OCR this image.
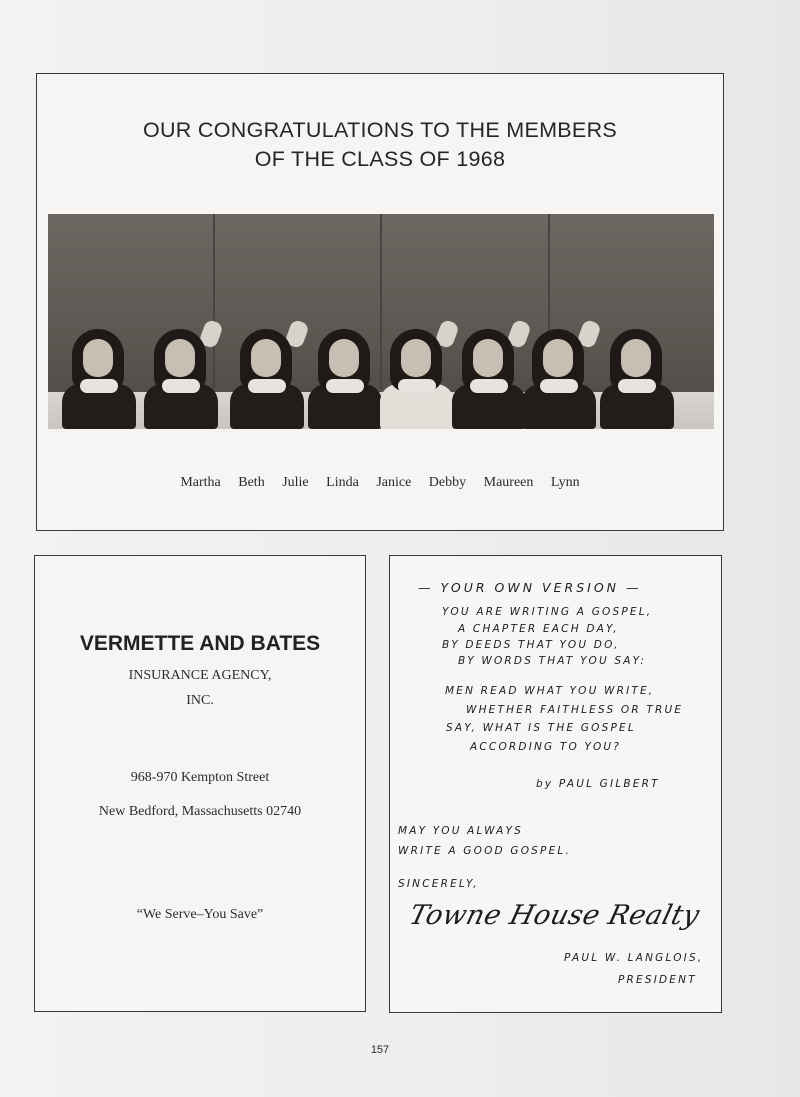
OUR CONGRATULATIONS TO THE MEMBERS
OF THE CLASS OF 1968
Martha Beth Julie Linda Janice Debby Maureen Lynn
VERMETTE AND BATES
INSURANCE AGENCY,
INC.
968-970 Kempton Street
New Bedford, Massachusetts 02740
“We Serve–You Save”
— YOUR OWN VERSION —
YOU ARE WRITING A GOSPEL,
A CHAPTER EACH DAY,
BY DEEDS THAT YOU DO,
BY WORDS THAT YOU SAY:
MEN READ WHAT YOU WRITE,
WHETHER FAITHLESS OR TRUE
SAY, WHAT IS THE GOSPEL
ACCORDING TO YOU?
by PAUL GILBERT
MAY YOU ALWAYS
WRITE A GOOD GOSPEL.
SINCERELY,
Towne House Realty
PAUL W. LANGLOIS,
PRESIDENT
157
